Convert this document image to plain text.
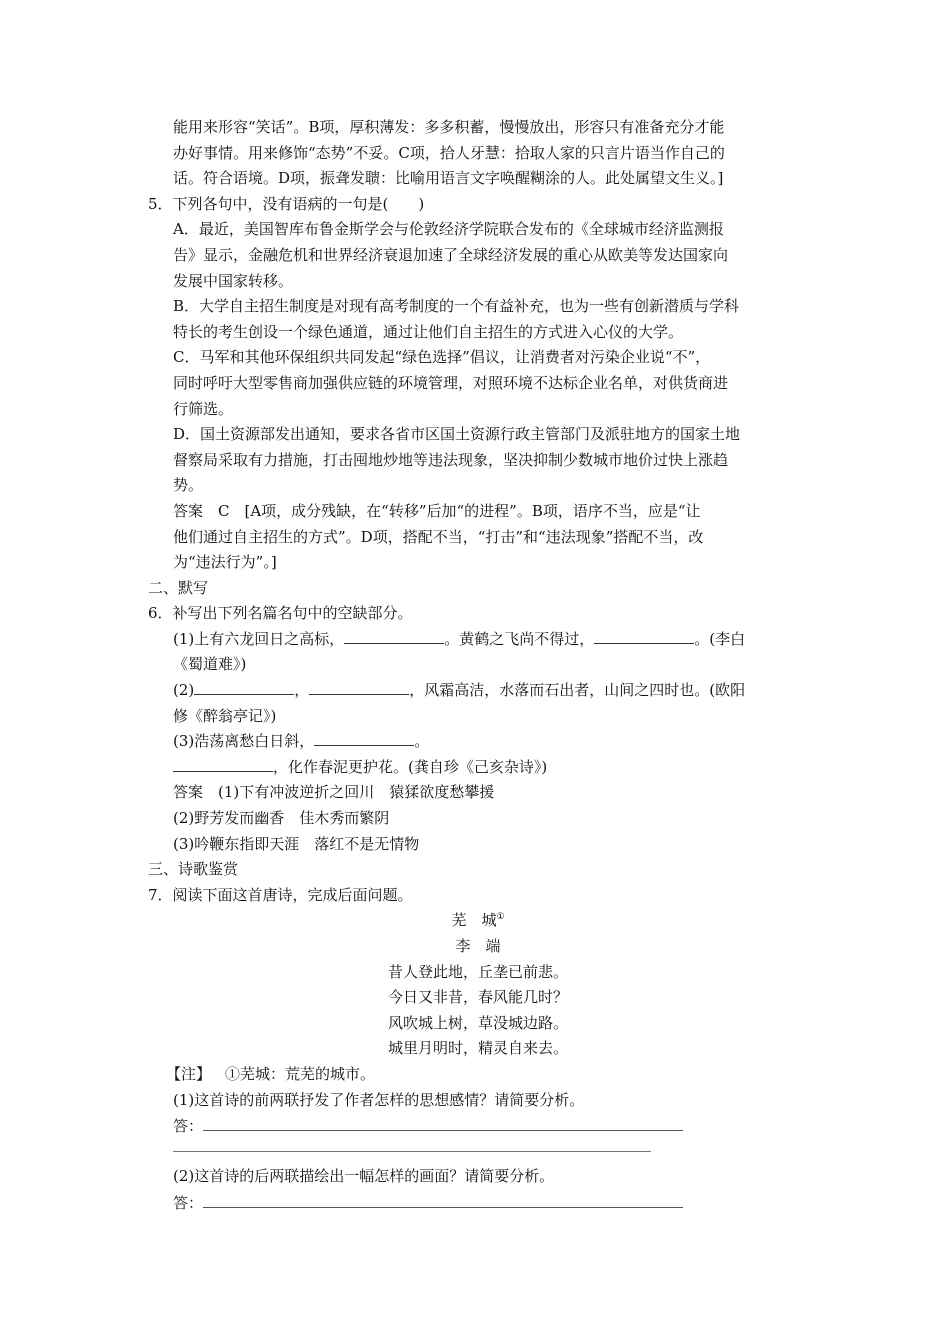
能用来形容“笑话”。B项，厚积薄发：多多积蓄，慢慢放出，形容只有准备充分才能
办好事情。用来修饰“态势”不妥。C项，拾人牙慧：拾取人家的只言片语当作自己的
话。符合语境。D项，振聋发聩：比喻用语言文字唤醒糊涂的人。此处属望文生义。]
5．下列各句中，没有语病的一句是(　　)
A．最近，美国智库布鲁金斯学会与伦敦经济学院联合发布的《全球城市经济监测报
告》显示，金融危机和世界经济衰退加速了全球经济发展的重心从欧美等发达国家向
发展中国家转移。
B．大学自主招生制度是对现有高考制度的一个有益补充，也为一些有创新潜质与学科
特长的考生创设一个绿色通道，通过让他们自主招生的方式进入心仪的大学。
C．马军和其他环保组织共同发起“绿色选择”倡议，让消费者对污染企业说“不”，
同时呼吁大型零售商加强供应链的环境管理，对照环境不达标企业名单，对供货商进
行筛选。
D．国土资源部发出通知，要求各省市区国土资源行政主管部门及派驻地方的国家土地
督察局采取有力措施，打击囤地炒地等违法现象，坚决抑制少数城市地价过快上涨趋
势。
答案　C　[A项，成分残缺，在“转移”后加“的进程”。B项，语序不当，应是“让
他们通过自主招生的方式”。D项，搭配不当，“打击”和“违法现象”搭配不当，改
为“违法行为”。]
二、默写
6．补写出下列名篇名句中的空缺部分。
(1)上有六龙回日之高标，	。黄鹤之飞尚不得过，	。(李白
《蜀道难》)
(2)	，	，风霜高洁，水落而石出者，山间之四时也。(欧阳
修《醉翁亭记》)
(3)浩荡离愁白日斜，	。
，化作春泥更护花。(龚自珍《己亥杂诗》)
答案　(1)下有冲波逆折之回川　猿猱欲度愁攀援
(2)野芳发而幽香　佳木秀而繁阴
(3)吟鞭东指即天涯　落红不是无情物
三、诗歌鉴赏
7．阅读下面这首唐诗，完成后面问题。
芜　城①
李　端
昔人登此地，丘垄已前悲。
今日又非昔，春风能几时？
风吹城上树，草没城边路。
城里月明时，精灵自来去。
【注】 ①芜城：荒芜的城市。
(1)这首诗的前两联抒发了作者怎样的思想感情？请简要分析。
答：
(2)这首诗的后两联描绘出一幅怎样的画面？请简要分析。
答：
